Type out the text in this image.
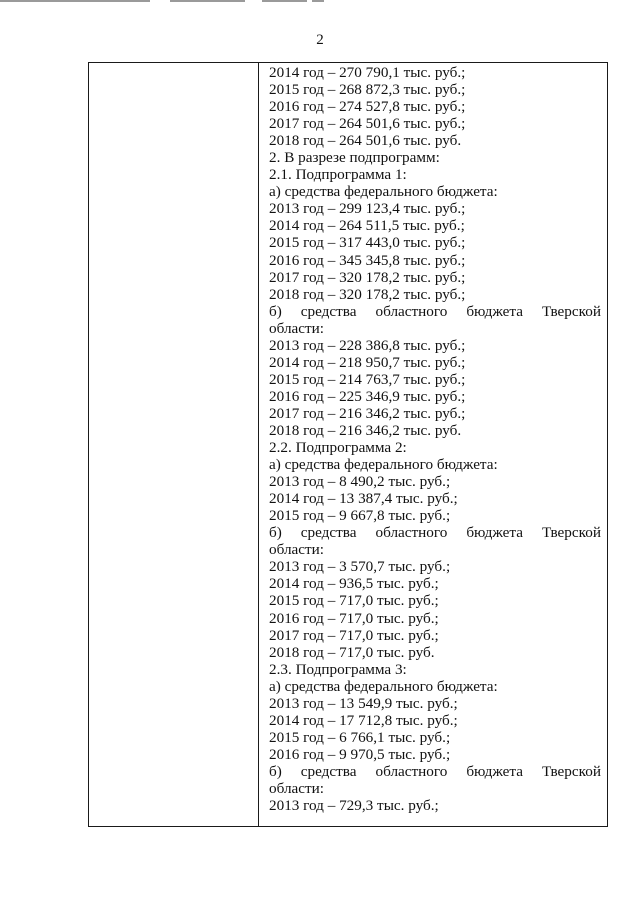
2
2014 год – 270 790,1 тыс. руб.;
2015 год – 268 872,3 тыс. руб.;
2016 год – 274 527,8 тыс. руб.;
2017 год – 264 501,6 тыс. руб.;
2018 год – 264 501,6 тыс. руб.
2. В разрезе подпрограмм:
2.1. Подпрограмма 1:
а) средства федерального бюджета:
2013 год – 299 123,4 тыс. руб.;
2014 год – 264 511,5 тыс. руб.;
2015 год – 317 443,0 тыс. руб.;
2016 год – 345 345,8 тыс. руб.;
2017 год – 320 178,2 тыс. руб.;
2018 год – 320 178,2 тыс. руб.;
б) средства областного бюджета Тверской
области:
2013 год – 228 386,8 тыс. руб.;
2014 год – 218 950,7 тыс. руб.;
2015 год – 214 763,7 тыс. руб.;
2016 год – 225 346,9 тыс. руб.;
2017 год – 216 346,2 тыс. руб.;
2018 год – 216 346,2 тыс. руб.
2.2. Подпрограмма 2:
а) средства федерального бюджета:
2013 год – 8 490,2 тыс. руб.;
2014 год – 13 387,4 тыс. руб.;
2015 год – 9 667,8 тыс. руб.;
б) средства областного бюджета Тверской
области:
2013 год – 3 570,7 тыс. руб.;
2014 год – 936,5 тыс. руб.;
2015 год – 717,0 тыс. руб.;
2016 год – 717,0 тыс. руб.;
2017 год – 717,0 тыс. руб.;
2018 год – 717,0 тыс. руб.
2.3. Подпрограмма 3:
а) средства федерального бюджета:
2013 год – 13 549,9 тыс. руб.;
2014 год – 17 712,8 тыс. руб.;
2015 год – 6 766,1 тыс. руб.;
2016 год – 9 970,5 тыс. руб.;
б) средства областного бюджета Тверской
области:
2013 год – 729,3 тыс. руб.;
